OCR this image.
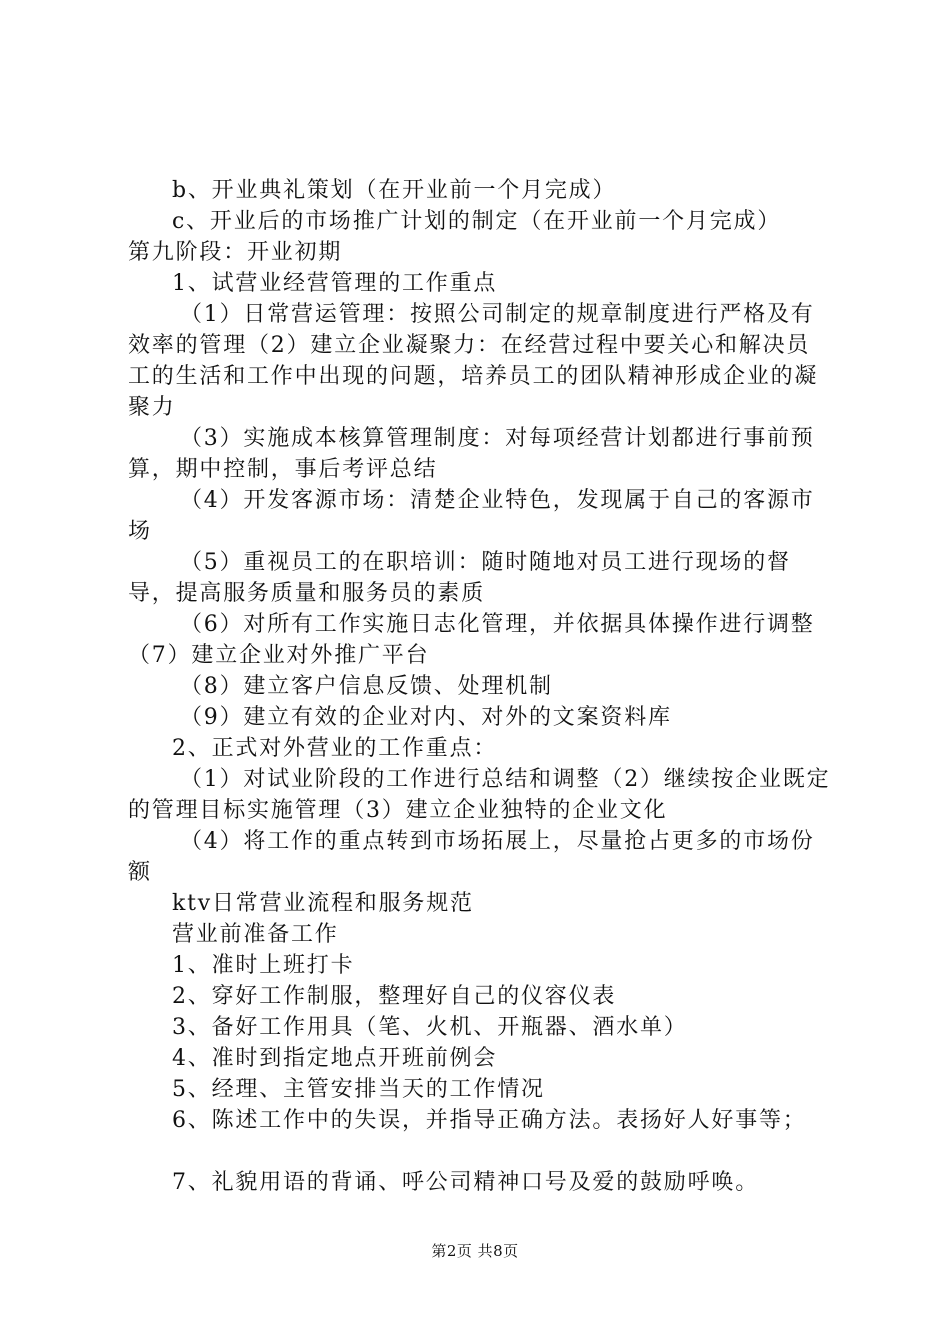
b、开业典礼策划（在开业前一个月完成）

c、开业后的市场推广计划的制定（在开业前一个月完成）

第九阶段：开业初期

1、试营业经营管理的工作重点

（1）日常营运管理：按照公司制定的规章制度进行严格及有效率的管理（2）建立企业凝聚力：在经营过程中要关心和解决员工的生活和工作中出现的问题，培养员工的团队精神形成企业的凝聚力

（3）实施成本核算管理制度：对每项经营计划都进行事前预算，期中控制，事后考评总结

（4）开发客源市场：清楚企业特色，发现属于自己的客源市场

（5）重视员工的在职培训：随时随地对员工进行现场的督导，提高服务质量和服务员的素质

（6）对所有工作实施日志化管理，并依据具体操作进行调整（7）建立企业对外推广平台

（8）建立客户信息反馈、处理机制

（9）建立有效的企业对内、对外的文案资料库

2、正式对外营业的工作重点：

（1）对试业阶段的工作进行总结和调整（2）继续按企业既定的管理目标实施管理（3）建立企业独特的企业文化

（4）将工作的重点转到市场拓展上，尽量抢占更多的市场份额

ktv日常营业流程和服务规范

营业前准备工作

1、准时上班打卡

2、穿好工作制服，整理好自己的仪容仪表

3、备好工作用具（笔、火机、开瓶器、酒水单）

4、准时到指定地点开班前例会

5、经理、主管安排当天的工作情况

6、陈述工作中的失误，并指导正确方法。表扬好人好事等；

7、礼貌用语的背诵、呼公司精神口号及爱的鼓励呼唤。

第2页 共8页
